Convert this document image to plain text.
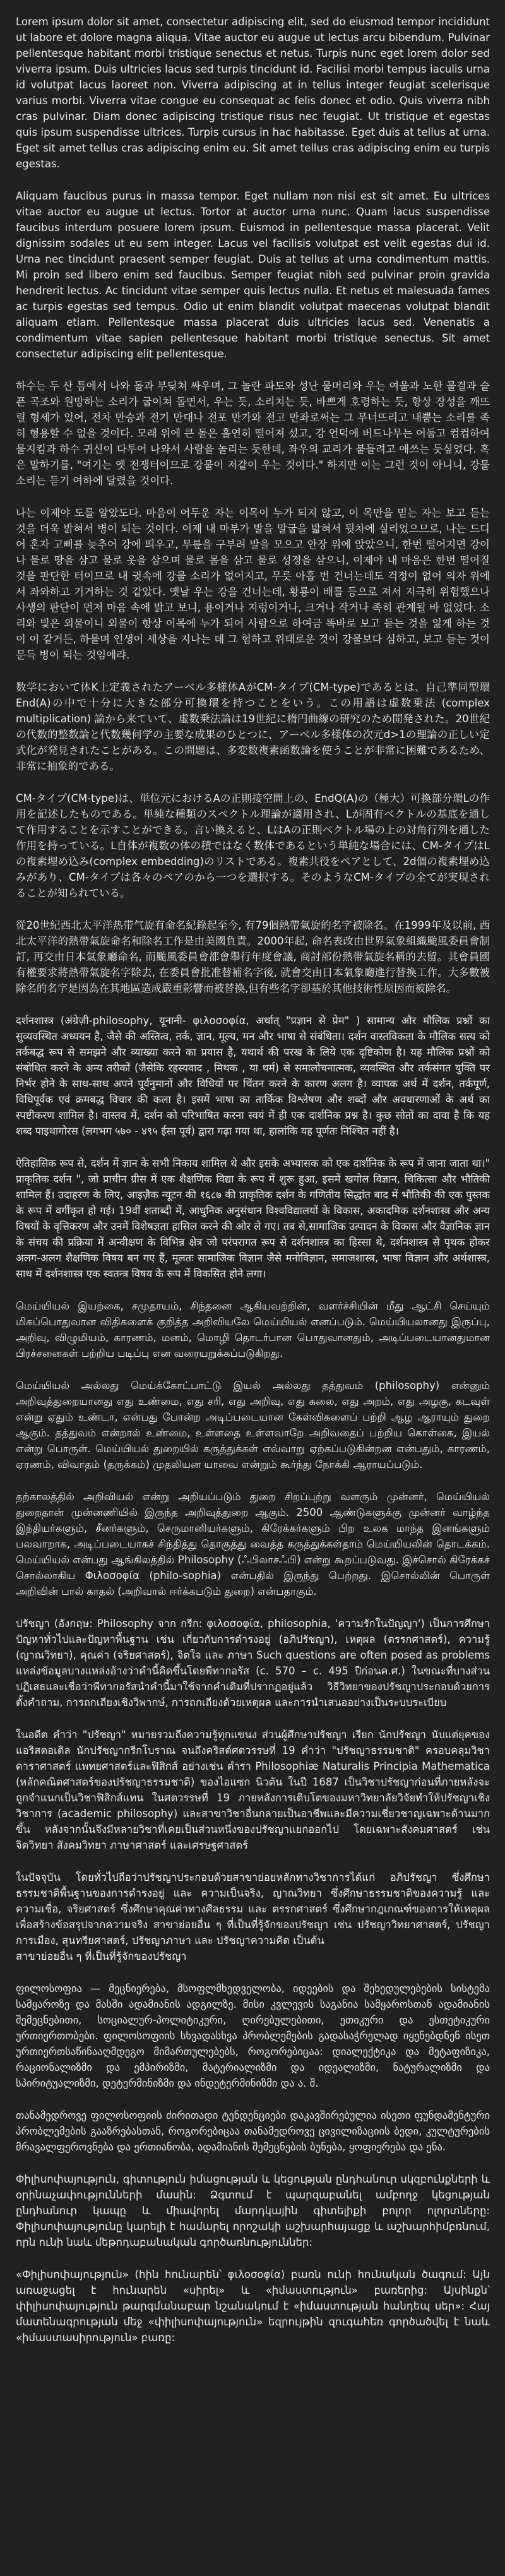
Lorem ipsum dolor sit amet, consectetur adipiscing elit, sed do eiusmod tempor incididunt ut labore et dolore magna aliqua. Vitae auctor eu augue ut lectus arcu bibendum. Pulvinar pellentesque habitant morbi tristique senectus et netus. Turpis nunc eget lorem dolor sed viverra ipsum. Duis ultricies lacus sed turpis tincidunt id. Facilisi morbi tempus iaculis urna id volutpat lacus laoreet non. Viverra adipiscing at in tellus integer feugiat scelerisque varius morbi. Viverra vitae congue eu consequat ac felis donec et odio. Quis viverra nibh cras pulvinar. Diam donec adipiscing tristique risus nec feugiat. Ut tristique et egestas quis ipsum suspendisse ultrices. Turpis cursus in hac habitasse. Eget duis at tellus at urna. Eget sit amet tellus cras adipiscing enim eu. Sit amet tellus cras adipiscing enim eu turpis egestas.

Aliquam faucibus purus in massa tempor. Eget nullam non nisi est sit amet. Eu ultrices vitae auctor eu augue ut lectus. Tortor at auctor urna nunc. Quam lacus suspendisse faucibus interdum posuere lorem ipsum. Euismod in pellentesque massa placerat. Velit dignissim sodales ut eu sem integer. Lacus vel facilisis volutpat est velit egestas dui id. Urna nec tincidunt praesent semper feugiat. Duis at tellus at urna condimentum mattis. Mi proin sed libero enim sed faucibus. Semper feugiat nibh sed pulvinar proin gravida hendrerit lectus. Ac tincidunt vitae semper quis lectus nulla. Et netus et malesuada fames ac turpis egestas sed tempus. Odio ut enim blandit volutpat maecenas volutpat blandit aliquam etiam. Pellentesque massa placerat duis ultricies lacus sed. Venenatis a condimentum vitae sapien pellentesque habitant morbi tristique senectus. Sit amet consectetur adipiscing elit pellentesque.

하수는 두 산 틈에서 나와 돌과 부딪쳐 싸우며, 그 놀란 파도와 성난 물머리와 우는 여울과 노한 물결과 슬픈 곡조와 원망하는 소리가 굽이쳐 돌면서, 우는 듯, 소리치는 듯, 바쁘게 호령하는 듯, 항상 장성을 깨뜨릴 형세가 있어, 전차 만승과 전기 만대나 전포 만가와 전고 만좌로써는 그 무너뜨리고 내뿜는 소리를 족히 형용할 수 없을 것이다. 모래 위에 큰 돌은 홀연히 떨어져 섰고, 강 언덕에 버드나무는 어둡고 컴컴하여 물지킴과 하수 귀신이 다투어 나와서 사람을 놀리는 듯한데, 좌우의 교리가 붙들려고 애쓰는 듯싶었다. 혹은 말하기를, "여기는 옛 전쟁터이므로 강물이 저같이 우는 것이다." 하지만 이는 그런 것이 아니니, 강물 소리는 듣기 여하에 달렸을 것이다.

나는 이제야 도를 알았도다. 마음이 어두운 자는 이목이 누가 되지 않고, 이 목만을 믿는 자는 보고 듣는 것을 더욱 밝혀서 병이 되는 것이다. 이제 내 마부가 발을 말굽을 밟혀서 뒷차에 실리었으므로, 나는 드디어 혼자 고삐를 늦추어 강에 띄우고, 무릎을 구부려 발을 모으고 안장 위에 앉았으니, 한번 떨어지면 강이나 물로 땅을 삼고 물로 옷을 삼으며 물로 몸을 삼고 물로 성정을 삼으니, 이제야 내 마음은 한번 떨어질 것을 판단한 터이므로 내 귓속에 강물 소리가 없어지고, 무릇 아홉 번 건너는데도 걱정이 없어 의자 위에서 좌와하고 기거하는 것 같았다. 옛날 우는 강을 건너는데, 황룡이 배를 등으로 져서 지극히 위험했으나 사생의 판단이 먼저 마음 속에 밝고 보니, 용이거나 지렁이거나, 크거나 작거나 족히 관계될 바 없었다. 소리와 빛은 외물이니 외물이 항상 이목에 누가 되어 사람으로 하여금 똑바로 보고 듣는 것을 잃게 하는 것이 이 같거든, 하물며 인생이 세상을 지나는 데 그 험하고 위태로운 것이 강물보다 심하고, 보고 듣는 것이 문득 병이 되는 것임에랴.

数学において体K上定義されたアーベル多様体AがCM-タイプ(CM-type)であるとは、自己準同型環 End(A)の中で十分に大きな部分可換環を持つことをいう。この用語は虚数乗法 (complex multiplication) 論から来ていて、虚数乗法論は19世紀に楕円曲線の研究のため開発された。20世紀の代数的整数論と代数幾何学の主要な成果のひとつに、アーベル多様体の次元d>1の理論の正しい定式化が発見されたことがある。この問題は、多変数複素函数論を使うことが非常に困難であるため、非常に抽象的である。

CM-タイプ(CM-type)は、単位元におけるAの正則接空間上の、EndQ(A)の（極大）可換部分環Lの作用を記述したものである。単純な種類のスペクトル理論が適用され、Lが固有ベクトルの基底を通して作用することを示すことができる。言い換えると、LはAの正則ベクトル場の上の対角行列を通した作用を持っている。L自体が複数の体の積ではなく数体であるという単純な場合には、CM-タイプはLの複素埋め込み(complex embedding)のリストである。複素共役をペアとして、2d個の複素埋め込みがあり、CM-タイプは各々のペアのから一つを選択する。そのようなCM-タイプの全てが実現されることが知られている。

從20世紀西北太平洋热带气旋有命名紀錄起至今, 有79個熱帶氣旋的名字被除名。在1999年及以前, 西北太平洋的熱帶氣旋命名和除名工作是由美國負責。2000年起, 命名表改由世界氣象組織颱風委員會制訂, 再交由日本氣象廳命名, 而颱風委員會都會舉行年度會議, 商討部份熱帶氣旋名稱的去留。其會員國有權要求將熱帶氣旋名字除去, 在委員會批准替補名字後, 就會交由日本氣象廳進行替換工作。大多數被除名的名字是因為在其地區造成嚴重影響而被替換,但有些名字卻基於其他技術性原因而被除名。

दर्शनशास्त्र (अंग्रेज़ी-philosophy, यूनानी- φιλοσοφία, अर्थात् "प्रज्ञान से प्रेम" ) सामान्य और मौलिक प्रश्नों का सुव्यवस्थित अध्ययन है, जैसे की अस्तित्व, तर्क, ज्ञान, मूल्य, मन और भाषा से संबंधिता। दर्शन वास्तविकता के मौलिक सत्य को तर्कबद्ध रूप से समझने और व्याख्या करने का प्रयास है, यथार्थ की परख के लिये एक दृष्टिकोण है। यह मौलिक प्रश्नों को संबोधित करने के अन्य तरीकों (जैसेकि रहस्यवाद , मिथक , या धर्म) से समालोचनात्मक, व्यवस्थित और तर्कसंगत युक्ति पर निर्भर होने के साथ-साथ अपने पूर्वनुमानों और विधियों पर चिंतन करने के कारण अलग है। व्यापक अर्थ में दर्शन, तर्कपूर्ण, विधिपूर्वक एवं क्रमबद्ध विचार की कला है। इसमें भाषा का तार्किक विश्लेषण और शब्दों और अवधारणाओं के अर्थ का स्पष्टीकरण शामिल है। वास्तव में, दर्शन को परिभाषित करना स्वयं में ही एक दार्शनिक प्रश्न है। कुछ सोतों का दावा है कि यह शब्द पाइथागोरस (लगभग ५७० - ४९५ ईसा पूर्व) द्वारा गढ़ा गया था, हालांकि यह पूर्णतः निश्चित नहीं है।

ऐतिहासिक रूप से, दर्शन में ज्ञान के सभी निकाय शामिल थे और इसके अभ्यासक को एक दार्शनिक के रूप में जाना जाता था।" प्राकृतिक दर्शन ", जो प्राचीन ग्रीस में एक शैक्षणिक विद्या के रूप में शुरू हुआ, इसमें खगोल विज्ञान, चिकित्सा और भौतिकी शामिल हैं। उदाहरण के लिए, आइज़ैक न्यूटन की १६८७ की प्राकृतिक दर्शन के गणितीय सिद्धांत बाद में भौतिकी की एक पुस्तक के रूप में वर्गीकृत हो गई। 19वीं शताब्दी में, आधुनिक अनुसंधान विश्वविद्यालयों के विकास, अकादमिक दर्शनशास्त्र और अन्य विषयों के वृत्तिकरण और उनमें विशेषज्ञता हासिल करने की ओर ले गए। तब से,सामाजिक उत्पादन के विकास और वैज्ञानिक ज्ञान के संचय की प्रक्रिया में अन्वीक्षण के विभिन्न क्षेत्र जो परंपरागत रूप से दर्शनशास्त्र का हिस्सा थे, दर्शनशास्त्र से पृथक होकर अलग-अलग शैक्षणिक विषय बन गए हैं, मूलतः सामाजिक विज्ञान जैसे मनोविज्ञान, समाजशास्त्र, भाषा विज्ञान और अर्थशास्त्र, साथ में दर्शनशास्त्र एक स्वतन्त्र विषय के रूप में विकसित होने लगा।

மெய்யியல் இயற்கை, சமுதாயம், சிந்தனை ஆகியவற்றின், வளர்ச்சியின் மீது ஆட்சி செய்யும் மிகப்பொதுவான விதிகளைக் குறித்த அறிவியலே மெய்யியல் எனப்படும். மெய்யியலானது இருப்பு, அறிவு, விழுமியம், காரணம், மனம், மொழி தொடர்பான பொதுவானதும், அடிப்படையானதுமான பிரச்சனைகள் பற்றிய படிப்பு என வரையறுக்கப்படுகிறது.

மெய்யியல் அல்லது மெய்க்கோட்பாட்டு இயல் அல்லது தத்துவம் (philosophy) என்னும் அறிவுத்துறையானது எது உண்மை, எது சரி, எது அறிவு, எது கலை, எது அறம், எது அழகு, கடவுள் என்று ஏதும் உண்டா, என்பது போன்ற அடிப்படையான கேள்விகளைப் பற்றி ஆழ ஆராயும் துறை ஆகும். தத்துவம் என்றால் உண்மை, உள்ளதை உள்ளவாறே அறிவதைப் பற்றிய கொள்கை, இயல் என்று பொருள். மெய்யியல் துறையில் கருத்துக்கள் எவ்வாறு ஏற்கப்படுகின்றன என்பதும், காரணம், ஏரணம், விவாதம் (தருக்கம்) முதலியன யாவை என்றும் கூர்ந்து நோக்கி ஆராயப்படும்.

தற்காலத்தில் அறிவியல் என்று அறியப்படும் துறை சிறப்புற்று வளரும் முன்னர், மெய்யியல் துறைதான் முன்னணியில் இருந்த அறிவுத்துறை ஆகும். 2500 ஆண்டுகளுக்கு முன்னர் வாழ்ந்த இந்தியர்களும், சீனர்களும், செருமானியர்களும், கிரேக்கர்களும் பிற உலக மாந்த இனங்களும் பலவாறாக, அடிப்படையாகச் சிந்தித்து தொகுத்து வைத்த கருத்துக்கள்தாம் மெய்யியலின் தொடக்கம். மெய்யியல் என்பது ஆங்கிலத்தில் Philosophy (ஃபிலாசஃபி) என்று கூறப்படுவது. இச்சொல் கிரேக்கச் சொல்லாகிய Φιλοσοφία (philo-sophia) என்பதில் இருந்து பெற்றது. இசொல்லின் பொருள் அறிவின் பால் காதல் (அறிவால் ஈர்க்கபடும் துறை) என்பதாகும்.

ปรัชญา (อังกฤษ: Philosophy จาก กรีก: φιλοσοφία, philosophia, 'ความรักในปัญญา') เป็นการศึกษาปัญหาทั่วไปและปัญหาพื้นฐาน เช่น เกี่ยวกับการดำรงอยู่ (อภิปรัชญา), เหตุผล (ตรรกศาสตร์), ความรู้ (ญาณวิทยา), คุณค่า (จริยศาสตร์), จิตใจ และ ภาษา Such questions are often posed as problems แหล่งข้อมูลบางแหล่งอ้างว่าคำนี้คิดขึ้นโดยพีทากอรัส (c. 570 – c. 495 ปีก่อนค.ศ.) ในขณะที่บางส่วน ปฏิเสธและเชื่อว่าพีทากอรัสนำคำนี้มาใช้จากคำเดิมที่ปรากฏอยู่แล้ว วิธีวิทยาของปรัชญาประกอบด้วยการตั้งคำถาม, การถกเถียงเชิงวิพากษ์, การถกเถียงด้วยเหตุผล และการนำเสนออย่างเป็นระบบระเบียบ

ในอดีต คำว่า "ปรัชญา" หมายรวมถึงความรู้ทุกแขนง ส่วนผู้ศึกษาปรัชญา เรียก นักปรัชญา นับแต่ยุคของแอริสตอเติล นักปรัชญากรีกโบราณ จนถึงคริสต์ศตวรรษที่ 19 คำว่า "ปรัชญาธรรมชาติ" ครอบคลุมวิชาดาราศาสตร์ แพทยศาสตร์และฟิสิกส์ อย่างเช่น ตำรา Philosophiæ Naturalis Principia Mathematica (หลักคณิตศาสตร์ของปรัชญาธรรมชาติ) ของไอแซก นิวตัน ในปี 1687 เป็นวิชาปรัชญาก่อนที่ภายหลังจะถูกจำแนกเป็นวิชาฟิสิกส์แทน ในศตวรรษที่ 19 ภายหลังการเติบโตของมหาวิทยาลัยวิจัยทำให้ปรัชญาเชิงวิชาการ (academic philosophy) และสาขาวิชาอื่นกลายเป็นอาชีพและมีความเชี่ยวชาญเฉพาะด้านมากขึ้น หลังจากนั้นจึงมีหลายวิชาที่เคยเป็นส่วนหนึ่งของปรัชญาแยกออกไป โดยเฉพาะสังคมศาสตร์ เช่น จิตวิทยา สังคมวิทยา ภาษาศาสตร์ และเศรษฐศาสตร์

ในปัจจุบัน โดยทั่วไปถือว่าปรัชญาประกอบด้วยสาขาย่อยหลักทางวิชาการได้แก่ อภิปรัชญา ซึ่งศึกษาธรรมชาติพื้นฐานของการดำรงอยู่ และ ความเป็นจริง, ญาณวิทยา ซึ่งศึกษาธรรมชาติของความรู้ และ ความเชื่อ, จริยศาสตร์ ซึ่งศึกษาคุณค่าทางศีลธรรม และ ตรรกศาสตร์ ซึ่งศึกษากฎเกณฑ์ของการให้เหตุผลเพื่อสร้างข้อสรุปจากความจริง สาขาย่อยอื่น ๆ ที่เป็นที่รู้จักของปรัชญา เช่น ปรัชญาวิทยาศาสตร์, ปรัชญาการเมือง, สุนทรียศาสตร์, ปรัชญาภาษา และ ปรัชญาความคิด เป็นต้น

สาขาย่อยอื่น ๆ ที่เป็นที่รู้จักของปรัชญา

ფილოსოფია — მეცნიერება, მსოფლმხედველობა, იდეების და შეხედულებების სისტემა სამყაროზე და მასში ადამიანის ადგილზე. მისი კვლევის საგანია სამყაროსთან ადამიანის შემეცნებითი, სოციალურ-პოლიტიკური, ღირებულებითი, ეთიკური და ესთეტიკური ურთიერთობები. ფილოსოფიის სხვადასხვა პრობლემების გადასაჭრელად იყენებდნენ ისეთ ურთიერთსაწინააღმდეგო მიმართულებებს, როგორებიცაა: დიალექტიკა და მეტაფიზიკა, რაციონალიზმი და ემპირიზმი, მატერიალიზმი და იდეალიზმი, ნატურალიზმი და სპირიტუალიზმი, დეტერმინიზმი და ინდეტერმინიზმი და ა. შ.

თანამედროვე ფილოსოფიის ძირითადი ტენდენციები დაკავშირებულია ისეთი ფუნდამენტური პრობლემების გააზრებასთან, როგორებიცაა თანამედროვე ცივილიზაციის ბედი, კულტურების მრავალფეროვნება და ერთიანობა, ადამიანის შემეცნების ბუნება, ყოფიერება და ენა.

Փիլիսոփայություն, գիտություն իմացության և կեցության ընդհանուր սկզբունքների և օրինաչափությունների մասին: Ձգտում է պարզաբանել ամբողջ կեցության ընդհանուր կապը և միավորել մարդկային գիտելիքի բոլոր ոլորտները: Փիլիսոփայությունը կարելի է համարել որոշակի աշխարհայացք և աշխարհիմբռնում, որն ունի նաև մեթոդաբանական գործառնություններ:

«Փիլիսոփայություն» (հին հունարեն՝ φιλοσοφία) բառն ունի հունական ծագում: Այն առաջացել է հունարեն «սիրել» և «իմաստություն» բառերից: Այսինքն՝ փիլիսոփայություն թարգմանաբար նշանակում է «իմաստության հանդեպ սեր»: Հայ մատենագրության մեջ «փիլիսոփայություն» եզրույթին զուգահեռ գործածվել է նաև «իմաստասիրություն» բառը:
